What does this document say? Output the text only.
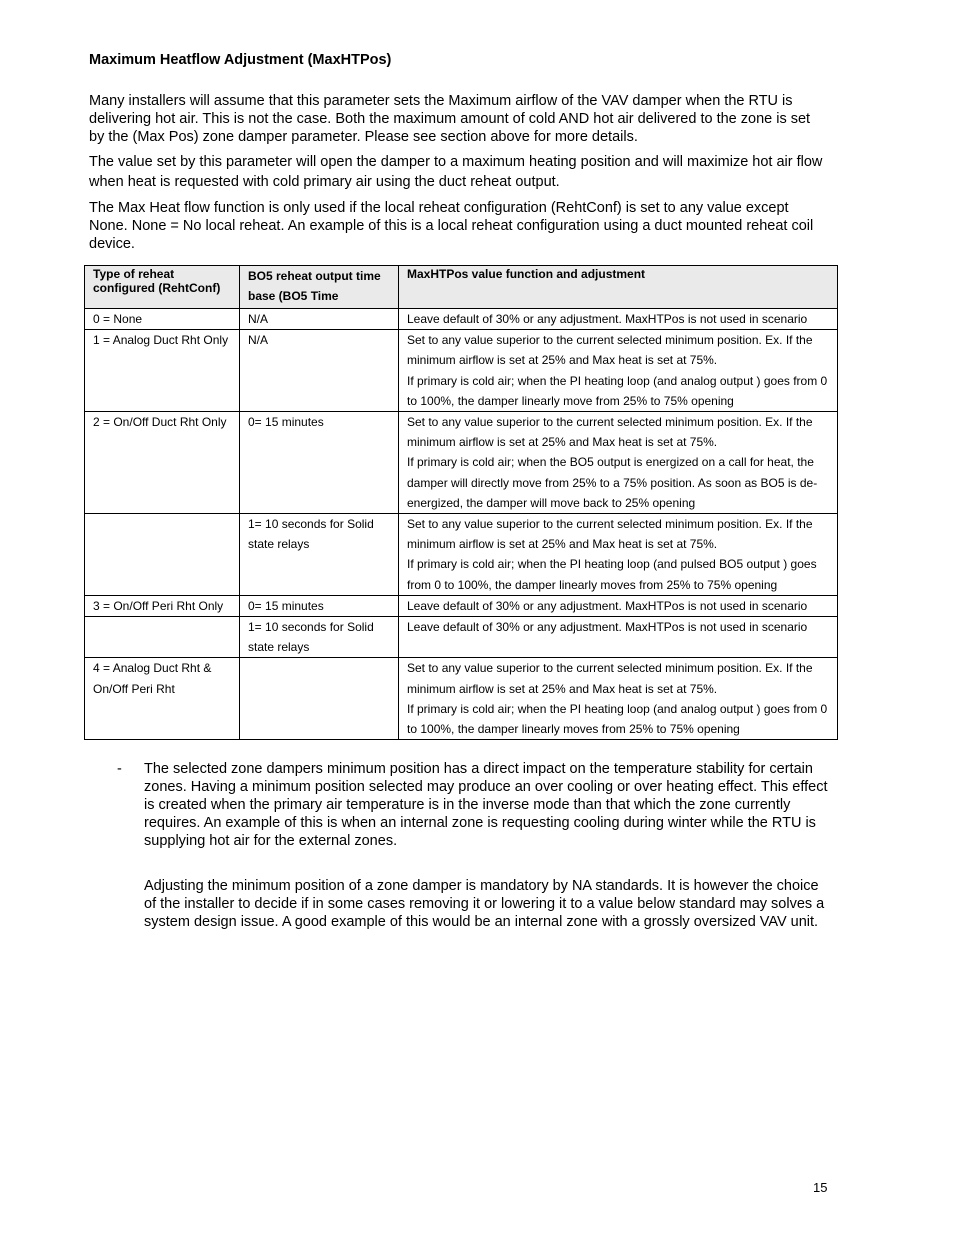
Maximum Heatflow Adjustment (MaxHTPos)
Many installers will assume that this parameter sets the Maximum airflow of the VAV damper when the RTU is delivering hot air. This is not the case. Both the maximum amount of cold AND hot air delivered to the zone is set by the (Max Pos) zone damper parameter. Please see section above for more details.
The value set by this parameter will open the damper to a maximum heating position and will maximize hot air flow when heat is requested with cold primary air using the duct reheat output.
The Max Heat flow function is only used if the local reheat configuration (RehtConf) is set to any value except None. None = No local reheat. An example of this is a local reheat configuration using a duct mounted reheat coil device.
Type of reheat configured (RehtConf)	BO5 reheat output time base (BO5 Time	MaxHTPos value function and adjustment
0 = None	N/A	Leave default of 30% or any adjustment. MaxHTPos is not used in scenario

1 = Analog Duct Rht Only	N/A	Set to any value superior to the current selected minimum position. Ex. If the minimum airflow is set at 25% and Max heat is set at 75%.
If primary is cold air; when the PI heating loop (and analog output ) goes from 0 to 100%, the damper linearly move from 25% to 75% opening

2 = On/Off Duct Rht Only	0= 15 minutes	Set to any value superior to the current selected minimum position. Ex. If the minimum airflow is set at 25% and Max heat is set at 75%.
If primary is cold air; when the BO5 output is energized on a call for heat, the damper will directly move from 25% to a 75% position. As soon as BO5 is de-energized, the damper will move back to 25% opening

	1= 10 seconds for Solid state relays	Set to any value superior to the current selected minimum position. Ex. If the minimum airflow is set at 25% and Max heat is set at 75%.
If primary is cold air; when the PI heating loop (and pulsed BO5 output ) goes from 0 to 100%, the damper linearly moves from 25% to 75% opening

3 = On/Off Peri Rht Only	0= 15 minutes	Leave default of 30% or any adjustment. MaxHTPos is not used in scenario

	1= 10 seconds for Solid state relays	Leave default of 30% or any adjustment. MaxHTPos is not used in scenario

4 = Analog Duct Rht & On/Off Peri Rht		Set to any value superior to the current selected minimum position. Ex. If the minimum airflow is set at 25% and Max heat is set at 75%.
If primary is cold air; when the PI heating loop (and analog output ) goes from 0 to 100%, the damper linearly moves from 25% to 75% opening
- The selected zone dampers minimum position has a direct impact on the temperature stability for certain zones. Having a minimum position selected may produce an over cooling or over heating effect. This effect is created when the primary air temperature is in the inverse mode than that which the zone currently requires. An example of this is when an internal zone is requesting cooling during winter while the RTU is supplying hot air for the external zones.
Adjusting the minimum position of a zone damper is mandatory by NA standards. It is however the choice of the installer to decide if in some cases removing it or lowering it to a value below standard may solves a system design issue. A good example of this would be an internal zone with a grossly oversized VAV unit.
15
